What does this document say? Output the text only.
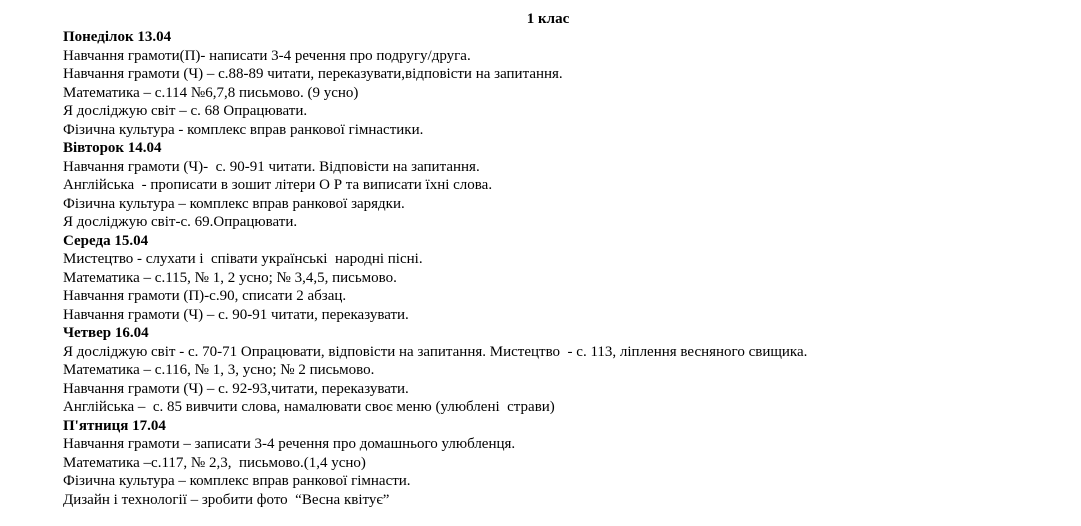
1 клас
Понеділок 13.04
Навчання грамоти(П)- написати 3-4 речення про подругу/друга.
Навчання грамоти (Ч) – с.88-89 читати, переказувати,відповісти на запитання.
Математика – с.114 №6,7,8 письмово. (9 усно)
Я досліджую світ – с. 68 Опрацювати.
Фізична культура - комплекс вправ ранкової гімнастики.
Вівторок 14.04
Навчання грамоти (Ч)-  с. 90-91 читати. Відповісти на запитання.
Англійська  - прописати в зошит літери О Р та виписати їхні слова.
Фізична культура – комплекс вправ ранкової зарядки.
Я досліджую світ-с. 69.Опрацювати.
Середа 15.04
Мистецтво - слухати і  співати українські  народні пісні.
Математика – с.115, № 1, 2 усно; № 3,4,5, письмово.
Навчання грамоти (П)-с.90, списати 2 абзац.
Навчання грамоти (Ч) – с. 90-91 читати, переказувати.
Четвер 16.04
Я досліджую світ - с. 70-71 Опрацювати, відповісти на запитання. Мистецтво  - с. 113, ліплення весняного свищика.
Математика – с.116, № 1, 3, усно; № 2 письмово.
Навчання грамоти (Ч) – с. 92-93,читати, переказувати.
Англійська –  с. 85 вивчити слова, намалювати своє меню (улюблені  страви)
П'ятниця 17.04
Навчання грамоти – записати 3-4 речення про домашнього улюбленця.
Математика –с.117, № 2,3,  письмово.(1,4 усно)
Фізична культура – комплекс вправ ранкової гімнасти.
Дизайн і технології – зробити фото  “Весна квітує”
